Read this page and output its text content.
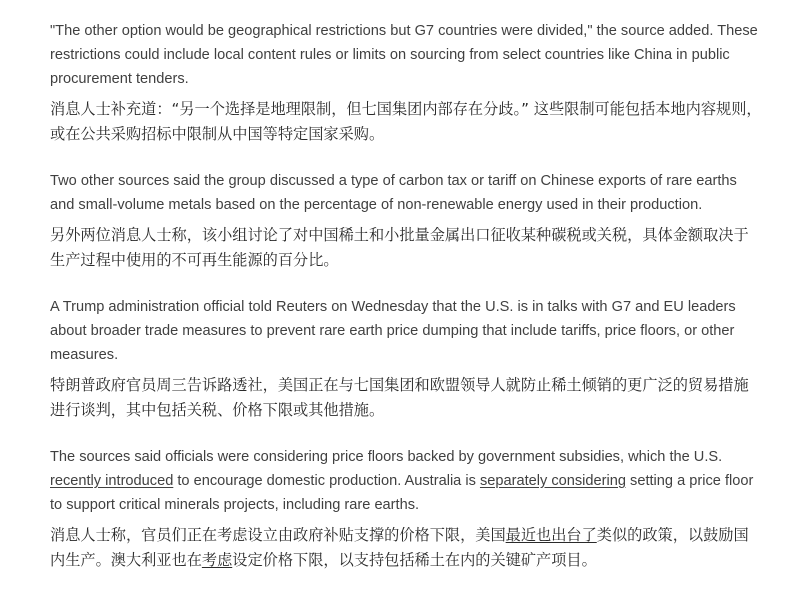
"The other option would be geographical restrictions but G7 countries were divided," the source added. These restrictions could include local content rules or limits on sourcing from select countries like China in public procurement tenders.

消息人士补充道：“另一个选择是地理限制，但七国集团内部存在分歧。” 这些限制可能包括本地内容规则，或在公共采购招标中限制从中国等特定国家采购。

Two other sources said the group discussed a type of carbon tax or tariff on Chinese exports of rare earths and small-volume metals based on the percentage of non-renewable energy used in their production.

另外两位消息人士称，该小组讨论了对中国稀土和小批量金属出口征收某种碳税或关税，具体金额取决于生产过程中使用的不可再生能源的百分比。

A Trump administration official told Reuters on Wednesday that the U.S. is in talks with G7 and EU leaders about broader trade measures to prevent rare earth price dumping that include tariffs, price floors, or other measures.

特朗普政府官员周三告诉路透社，美国正在与七国集团和欧盟领导人就防止稀土倾销的更广泛的贸易措施进行谈判，其中包括关税、价格下限或其他措施。

The sources said officials were considering price floors backed by government subsidies, which the U.S. recently introduced to encourage domestic production. Australia is separately considering setting a price floor to support critical minerals projects, including rare earths.

消息人士称，官员们正在考虑设立由政府补贴支撑的价格下限，美国最近也出台了类似的政策，以鼓励国内生产。澳大利亚也在考虑设定价格下限，以支持包括稀土在内的关键矿产项目。
